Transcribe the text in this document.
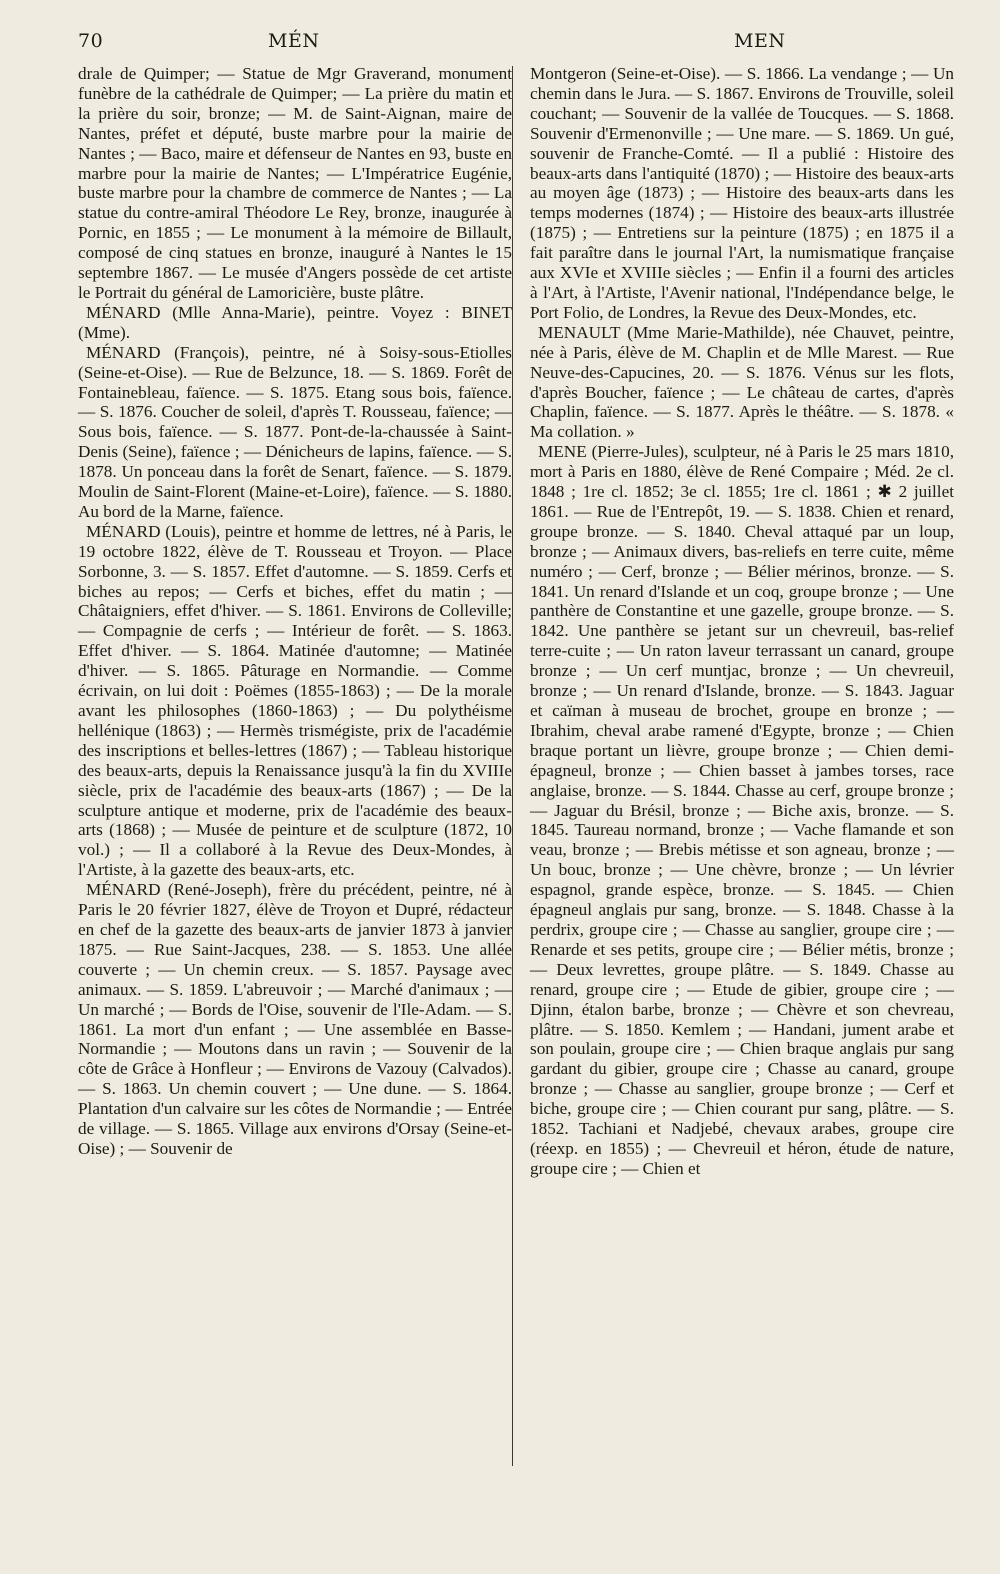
70	MÉN	MEN

drale de Quimper; — Statue de Mgr Graverand, monument funèbre de la cathédrale de Quimper; — La prière du matin et la prière du soir, bronze; — M. de Saint-Aignan, maire de Nantes, préfet et député, buste marbre pour la mairie de Nantes ; — Baco, maire et défenseur de Nantes en 93, buste en marbre pour la mairie de Nantes; — L'Impératrice Eugénie, buste marbre pour la chambre de commerce de Nantes ; — La statue du contre-amiral Théodore Le Rey, bronze, inaugurée à Pornic, en 1855 ; — Le monument à la mémoire de Billault, composé de cinq statues en bronze, inauguré à Nantes le 15 septembre 1867. — Le musée d'Angers possède de cet artiste le Portrait du général de Lamoricière, buste plâtre.

MÉNARD (Mlle Anna-Marie), peintre. Voyez : BINET (Mme).

MÉNARD (François), peintre, né à Soisy-sous-Etiolles (Seine-et-Oise). — Rue de Belzunce, 18. — S. 1869. Forêt de Fontainebleau, faïence. — S. 1875. Etang sous bois, faïence. — S. 1876. Coucher de soleil, d'après T. Rousseau, faïence; — Sous bois, faïence. — S. 1877. Pont-de-la-chaussée à Saint-Denis (Seine), faïence ; — Dénicheurs de lapins, faïence. — S. 1878. Un ponceau dans la forêt de Senart, faïence. — S. 1879. Moulin de Saint-Florent (Maine-et-Loire), faïence. — S. 1880. Au bord de la Marne, faïence.

MÉNARD (Louis), peintre et homme de lettres, né à Paris, le 19 octobre 1822, élève de T. Rousseau et Troyon. — Place Sorbonne, 3. — S. 1857. Effet d'automne. — S. 1859. Cerfs et biches au repos; — Cerfs et biches, effet du matin ; — Châtaigniers, effet d'hiver. — S. 1861. Environs de Colleville; — Compagnie de cerfs ; — Intérieur de forêt. — S. 1863. Effet d'hiver. — S. 1864. Matinée d'automne; — Matinée d'hiver. — S. 1865. Pâturage en Normandie. — Comme écrivain, on lui doit : Poëmes (1855-1863) ; — De la morale avant les philosophes (1860-1863) ; — Du polythéisme hellénique (1863) ; — Hermès trismégiste, prix de l'académie des inscriptions et belles-lettres (1867) ; — Tableau historique des beaux-arts, depuis la Renaissance jusqu'à la fin du XVIIIe siècle, prix de l'académie des beaux-arts (1867) ; — De la sculpture antique et moderne, prix de l'académie des beaux-arts (1868) ; — Musée de peinture et de sculpture (1872, 10 vol.) ; — Il a collaboré à la Revue des Deux-Mondes, à l'Artiste, à la gazette des beaux-arts, etc.

MÉNARD (René-Joseph), frère du précédent, peintre, né à Paris le 20 février 1827, élève de Troyon et Dupré, rédacteur en chef de la gazette des beaux-arts de janvier 1873 à janvier 1875. — Rue Saint-Jacques, 238. — S. 1853. Une allée couverte ; — Un chemin creux. — S. 1857. Paysage avec animaux. — S. 1859. L'abreuvoir ; — Marché d'animaux ; — Un marché ; — Bords de l'Oise, souvenir de l'Ile-Adam. — S. 1861. La mort d'un enfant ; — Une assemblée en Basse-Normandie ; — Moutons dans un ravin ; — Souvenir de la côte de Grâce à Honfleur ; — Environs de Vazouy (Calvados). — S. 1863. Un chemin couvert ; — Une dune. — S. 1864. Plantation d'un calvaire sur les côtes de Normandie ; — Entrée de village. — S. 1865. Village aux environs d'Orsay (Seine-et-Oise) ; — Souvenir de

Montgeron (Seine-et-Oise). — S. 1866. La vendange ; — Un chemin dans le Jura. — S. 1867. Environs de Trouville, soleil couchant; — Souvenir de la vallée de Toucques. — S. 1868. Souvenir d'Ermenonville ; — Une mare. — S. 1869. Un gué, souvenir de Franche-Comté. — Il a publié : Histoire des beaux-arts dans l'antiquité (1870) ; — Histoire des beaux-arts au moyen âge (1873) ; — Histoire des beaux-arts dans les temps modernes (1874) ; — Histoire des beaux-arts illustrée (1875) ; — Entretiens sur la peinture (1875) ; en 1875 il a fait paraître dans le journal l'Art, la numismatique française aux XVIe et XVIIIe siècles ; — Enfin il a fourni des articles à l'Art, à l'Artiste, l'Avenir national, l'Indépendance belge, le Port Folio, de Londres, la Revue des Deux-Mondes, etc.

MENAULT (Mme Marie-Mathilde), née Chauvet, peintre, née à Paris, élève de M. Chaplin et de Mlle Marest. — Rue Neuve-des-Capucines, 20. — S. 1876. Vénus sur les flots, d'après Boucher, faïence ; — Le château de cartes, d'après Chaplin, faïence. — S. 1877. Après le théâtre. — S. 1878. « Ma collation. »

MENE (Pierre-Jules), sculpteur, né à Paris le 25 mars 1810, mort à Paris en 1880, élève de René Compaire ; Méd. 2e cl. 1848 ; 1re cl. 1852; 3e cl. 1855; 1re cl. 1861 ; ✱ 2 juillet 1861. — Rue de l'Entrepôt, 19. — S. 1838. Chien et renard, groupe bronze. — S. 1840. Cheval attaqué par un loup, bronze ; — Animaux divers, bas-reliefs en terre cuite, même numéro ; — Cerf, bronze ; — Bélier mérinos, bronze. — S. 1841. Un renard d'Islande et un coq, groupe bronze ; — Une panthère de Constantine et une gazelle, groupe bronze. — S. 1842. Une panthère se jetant sur un chevreuil, bas-relief terre-cuite ; — Un raton laveur terrassant un canard, groupe bronze ; — Un cerf muntjac, bronze ; — Un chevreuil, bronze ; — Un renard d'Islande, bronze. — S. 1843. Jaguar et caïman à museau de brochet, groupe en bronze ; — Ibrahim, cheval arabe ramené d'Egypte, bronze ; — Chien braque portant un lièvre, groupe bronze ; — Chien demi-épagneul, bronze ; — Chien basset à jambes torses, race anglaise, bronze. — S. 1844. Chasse au cerf, groupe bronze ; — Jaguar du Brésil, bronze ; — Biche axis, bronze. — S. 1845. Taureau normand, bronze ; — Vache flamande et son veau, bronze ; — Brebis métisse et son agneau, bronze ; — Un bouc, bronze ; — Une chèvre, bronze ; — Un lévrier espagnol, grande espèce, bronze. — S. 1845. — Chien épagneul anglais pur sang, bronze. — S. 1848. Chasse à la perdrix, groupe cire ; — Chasse au sanglier, groupe cire ; — Renarde et ses petits, groupe cire ; — Bélier métis, bronze ; — Deux levrettes, groupe plâtre. — S. 1849. Chasse au renard, groupe cire ; — Etude de gibier, groupe cire ; — Djinn, étalon barbe, bronze ; — Chèvre et son chevreau, plâtre. — S. 1850. Kemlem ; — Handani, jument arabe et son poulain, groupe cire ; — Chien braque anglais pur sang gardant du gibier, groupe cire ; Chasse au canard, groupe bronze ; — Chasse au sanglier, groupe bronze ; — Cerf et biche, groupe cire ; — Chien courant pur sang, plâtre. — S. 1852. Tachiani et Nadjebé, chevaux arabes, groupe cire (réexp. en 1855) ; — Chevreuil et héron, étude de nature, groupe cire ; — Chien et
